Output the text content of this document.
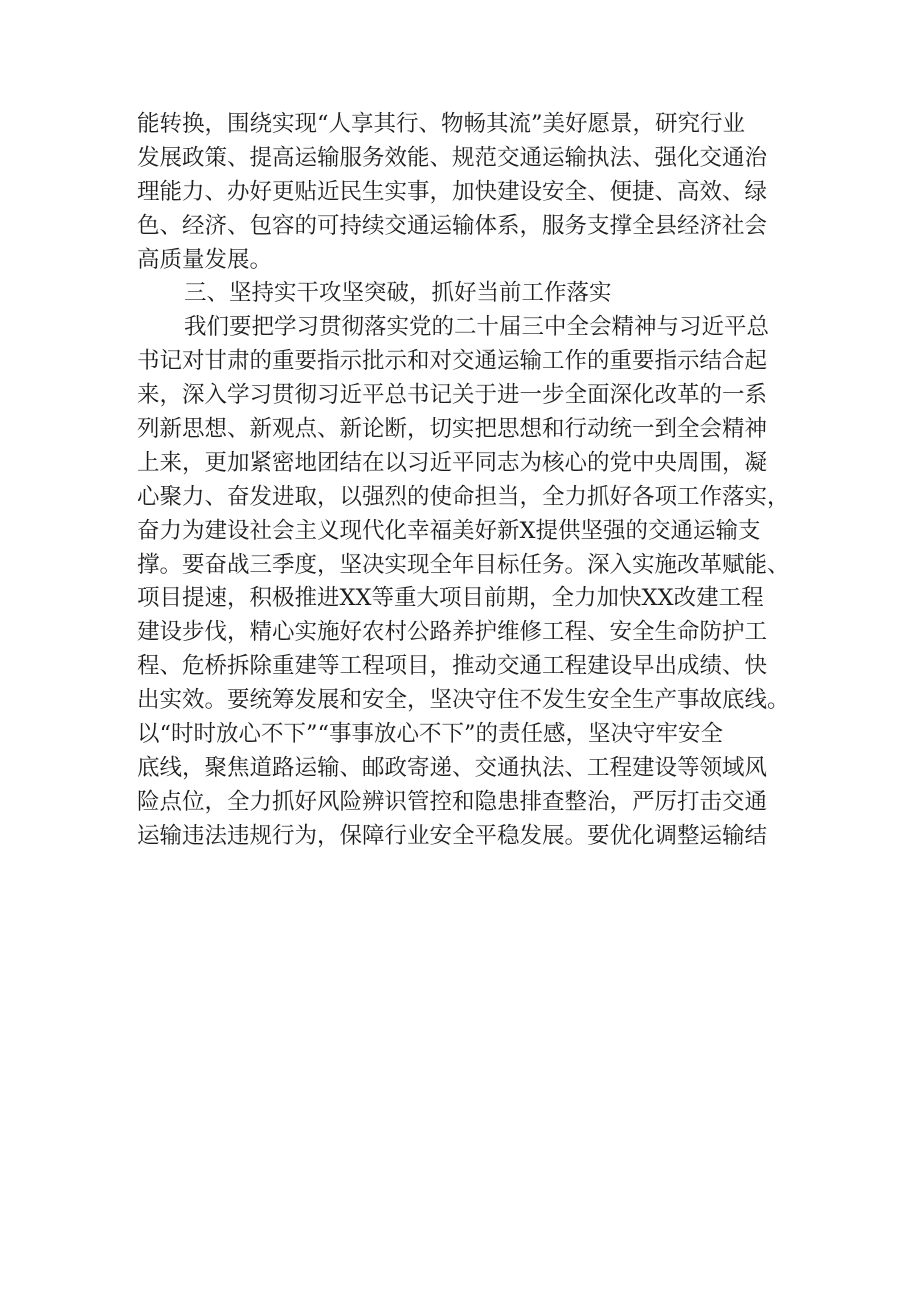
能转换，围绕实现“人享其行、物畅其流”美好愿景，研究行业
发展政策、提高运输服务效能、规范交通运输执法、强化交通治
理能力、办好更贴近民生实事，加快建设安全、便捷、高效、绿
色、经济、包容的可持续交通运输体系，服务支撑全县经济社会
高质量发展。
三、坚持实干攻坚突破，抓好当前工作落实
我们要把学习贯彻落实党的二十届三中全会精神与习近平总
书记对甘肃的重要指示批示和对交通运输工作的重要指示结合起
来，深入学习贯彻习近平总书记关于进一步全面深化改革的一系
列新思想、新观点、新论断，切实把思想和行动统一到全会精神
上来，更加紧密地团结在以习近平同志为核心的党中央周围，凝
心聚力、奋发进取，以强烈的使命担当，全力抓好各项工作落实，
奋力为建设社会主义现代化幸福美好新X提供坚强的交通运输支
撑。要奋战三季度，坚决实现全年目标任务。深入实施改革赋能、
项目提速，积极推进XX等重大项目前期，全力加快XX改建工程
建设步伐，精心实施好农村公路养护维修工程、安全生命防护工
程、危桥拆除重建等工程项目，推动交通工程建设早出成绩、快
出实效。要统筹发展和安全，坚决守住不发生安全生产事故底线。
以“时时放心不下”“事事放心不下”的责任感，坚决守牢安全
底线，聚焦道路运输、邮政寄递、交通执法、工程建设等领域风
险点位，全力抓好风险辨识管控和隐患排查整治，严厉打击交通
运输违法违规行为，保障行业安全平稳发展。要优化调整运输结
